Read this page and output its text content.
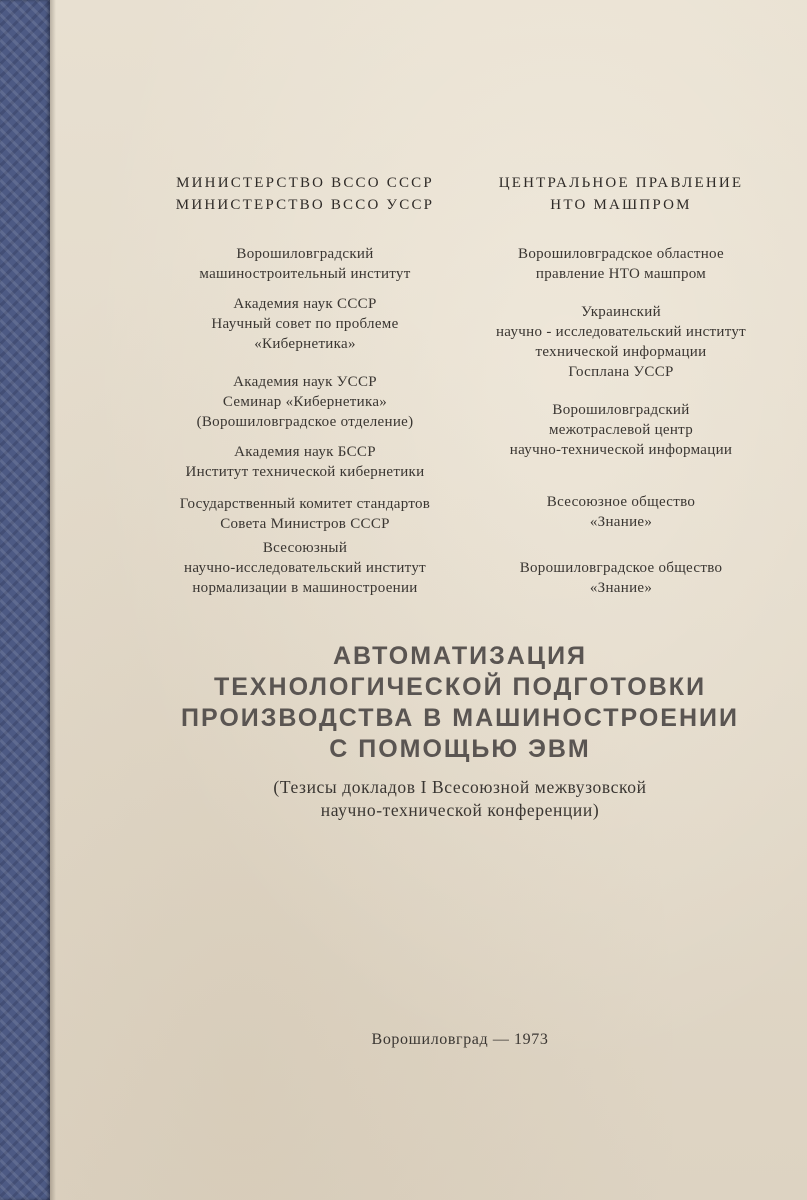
МИНИСТЕРСТВО ВССО СССР
МИНИСТЕРСТВО ВССО УССР
ЦЕНТРАЛЬНОЕ ПРАВЛЕНИЕ
НТО МАШПРОМ
Ворошиловградский
машиностроительный институт
Академия наук СССР
Научный совет по проблеме
«Кибернетика»
Академия наук УССР
Семинар «Кибернетика»
(Ворошиловградское отделение)
Академия наук БССР
Институт технической кибернетики
Государственный комитет стандартов
Совета Министров СССР
Всесоюзный
научно-исследовательский институт
нормализации в машиностроении
Ворошиловградское областное
правление НТО машпром
Украинский
научно - исследовательский институт
технической информации
Госплана УССР
Ворошиловградский
межотраслевой центр
научно-технической информации
Всесоюзное общество
«Знание»
Ворошиловградское общество
«Знание»
АВТОМАТИЗАЦИЯ
ТЕХНОЛОГИЧЕСКОЙ ПОДГОТОВКИ
ПРОИЗВОДСТВА В МАШИНОСТРОЕНИИ
С ПОМОЩЬЮ ЭВМ
(Тезисы докладов I Всесоюзной межвузовской
научно-технической конференции)
Ворошиловград — 1973
